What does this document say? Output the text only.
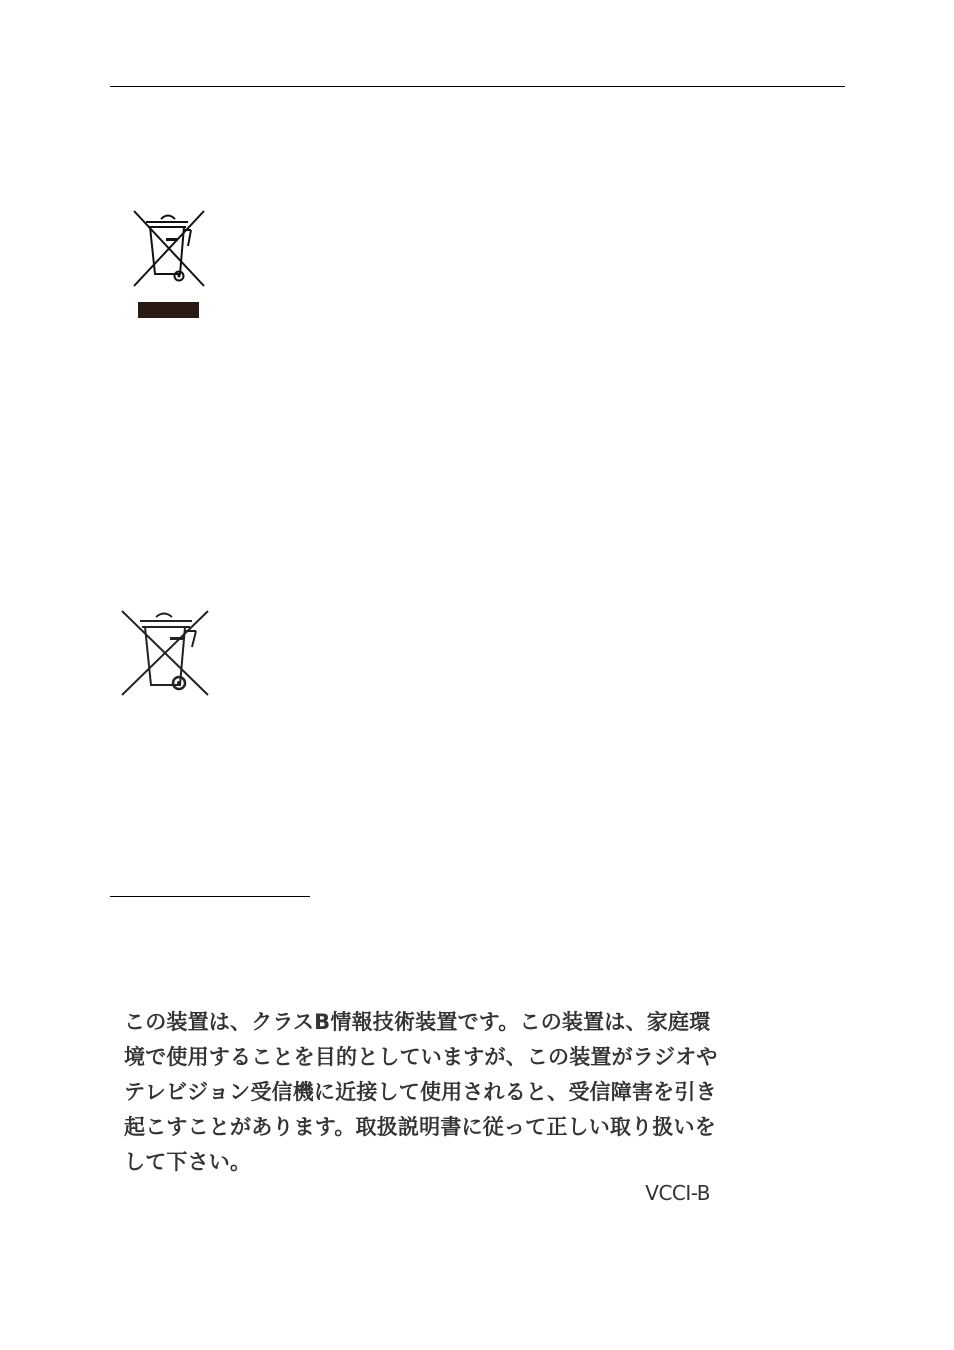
この装置は、クラスB情報技術装置です。この装置は、家庭環
境で使用することを目的としていますが、この装置がラジオや
テレビジョン受信機に近接して使用されると、受信障害を引き
起こすことがあります。取扱説明書に従って正しい取り扱いを
して下さい。
VCCI-B
